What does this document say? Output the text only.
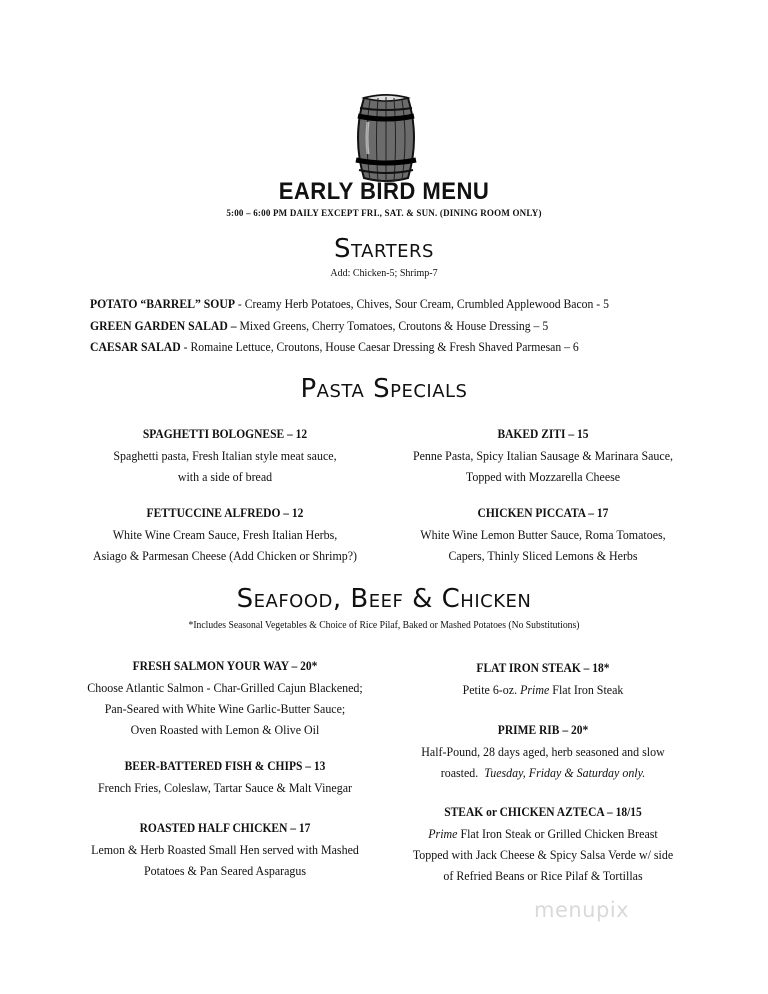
EARLY BIRD MENU
5:00 – 6:00 PM DAILY EXCEPT FRI., SAT. & SUN. (DINING ROOM ONLY)
Starters
Add: Chicken-5; Shrimp-7
POTATO “BARREL” SOUP - Creamy Herb Potatoes, Chives, Sour Cream, Crumbled Applewood Bacon - 5
GREEN GARDEN SALAD – Mixed Greens, Cherry Tomatoes, Croutons & House Dressing – 5
CAESAR SALAD - Romaine Lettuce, Croutons, House Caesar Dressing & Fresh Shaved Parmesan – 6
Pasta Specials
SPAGHETTI BOLOGNESE – 12
Spaghetti pasta, Fresh Italian style meat sauce,
with a side of bread
FETTUCCINE ALFREDO – 12
White Wine Cream Sauce, Fresh Italian Herbs,
Asiago & Parmesan Cheese (Add Chicken or Shrimp?)
BAKED ZITI – 15
Penne Pasta, Spicy Italian Sausage & Marinara Sauce,
Topped with Mozzarella Cheese
CHICKEN PICCATA – 17
White Wine Lemon Butter Sauce, Roma Tomatoes,
Capers, Thinly Sliced Lemons & Herbs
Seafood, Beef & Chicken
*Includes Seasonal Vegetables & Choice of Rice Pilaf, Baked or Mashed Potatoes (No Substitutions)
FRESH SALMON YOUR WAY – 20*
Choose Atlantic Salmon - Char-Grilled Cajun Blackened;
Pan-Seared with White Wine Garlic-Butter Sauce;
Oven Roasted with Lemon & Olive Oil
BEER-BATTERED FISH & CHIPS – 13
French Fries, Coleslaw, Tartar Sauce & Malt Vinegar
ROASTED HALF CHICKEN – 17
Lemon & Herb Roasted Small Hen served with Mashed
Potatoes & Pan Seared Asparagus
FLAT IRON STEAK – 18*
Petite 6-oz. Prime Flat Iron Steak
PRIME RIB – 20*
Half-Pound, 28 days aged, herb seasoned and slow
roasted.  Tuesday, Friday & Saturday only.
STEAK or CHICKEN AZTECA – 18/15
Prime Flat Iron Steak or Grilled Chicken Breast
Topped with Jack Cheese & Spicy Salsa Verde w/ side
of Refried Beans or Rice Pilaf & Tortillas
menupix
